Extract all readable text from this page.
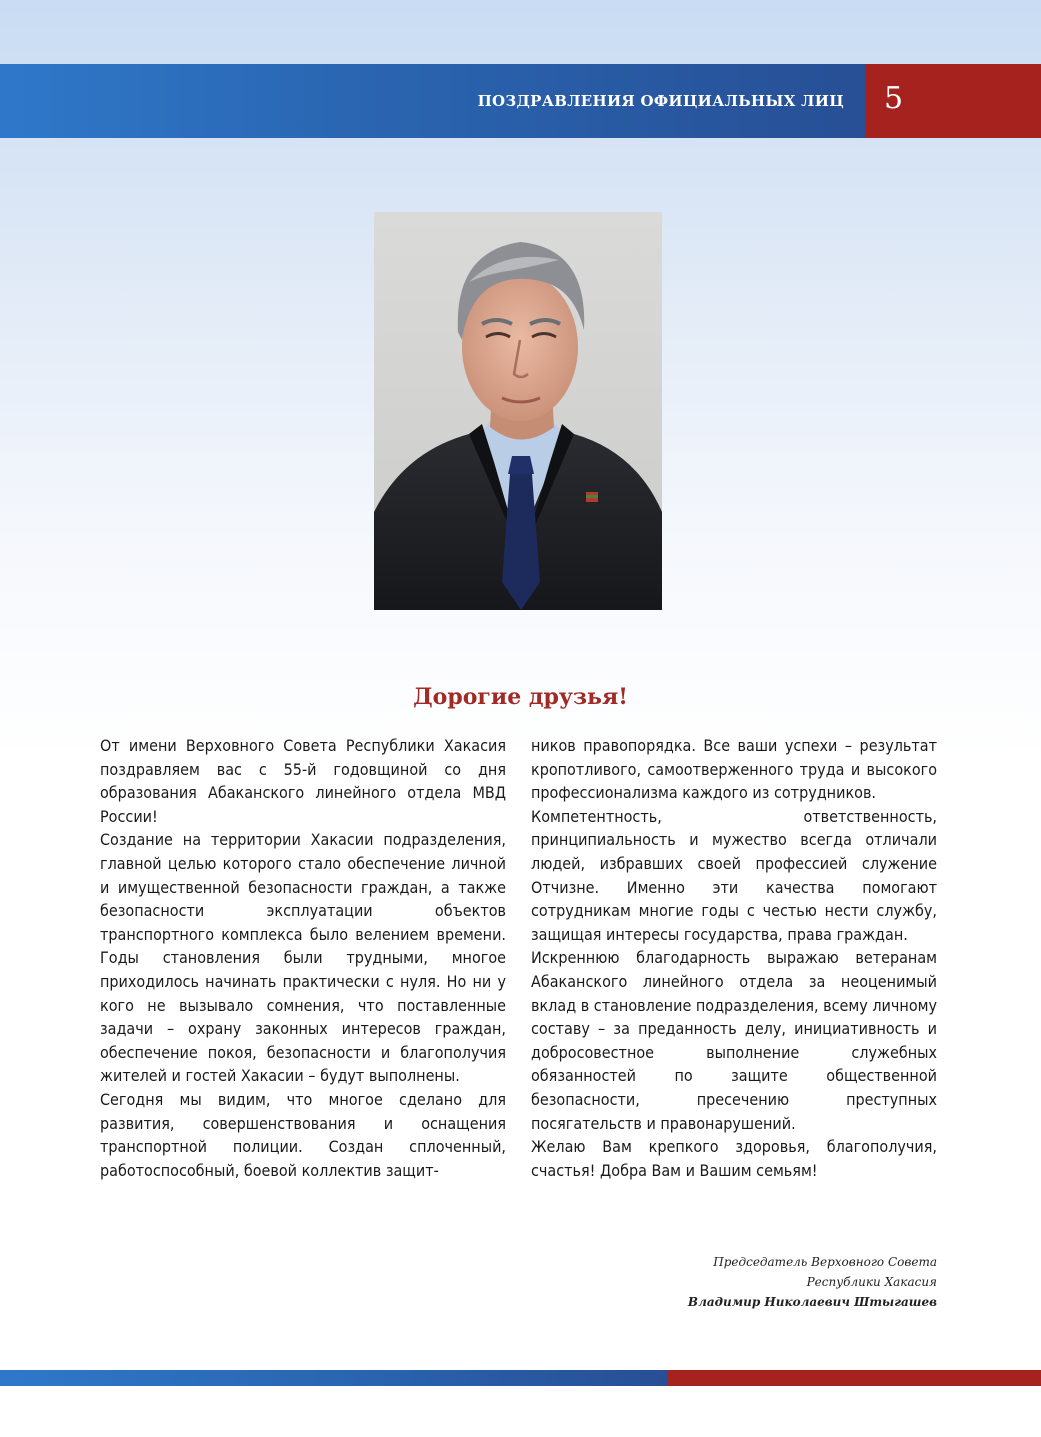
ПОЗДРАВЛЕНИЯ ОФИЦИАЛЬНЫХ ЛИЦ 5
Дорогие друзья!

От имени Верховного Совета Республики Хакасия поздравляем вас с 55-й годовщиной со дня образования Абаканского линейного отдела МВД России!

Создание на территории Хакасии подразделения, главной целью которого стало обеспечение личной и имущественной безопасности граждан, а также безопасности эксплуатации объектов транспортного комплекса было велением времени. Годы становления были трудными, многое приходилось начинать практически с нуля. Но ни у кого не вызывало сомнения, что поставленные задачи – охрану законных интересов граждан, обеспечение покоя, безопасности и благополучия жителей и гостей Хакасии – будут выполнены.

Сегодня мы видим, что многое сделано для развития, совершенствования и оснащения транспортной полиции. Создан сплоченный, работоспособный, боевой коллектив защит-

ников правопорядка. Все ваши успехи – результат кропотливого, самоотверженного труда и высокого профессионализма каждого из сотрудников.

Компетентность, ответственность, принципиальность и мужество всегда отличали людей, избравших своей профессией служение Отчизне. Именно эти качества помогают сотрудникам многие годы с честью нести службу, защищая интересы государства, права граждан.

Искреннюю благодарность выражаю ветеранам Абаканского линейного отдела за неоценимый вклад в становление подразделения, всему личному составу – за преданность делу, инициативность и добросовестное выполнение служебных обязанностей по защите общественной безопасности, пресечению преступных посягательств и правонарушений.

Желаю Вам крепкого здоровья, благополучия, счастья! Добра Вам и Вашим семьям!

Председатель Верховного Совета
Республики Хакасия
Владимир Николаевич Штыгашев
